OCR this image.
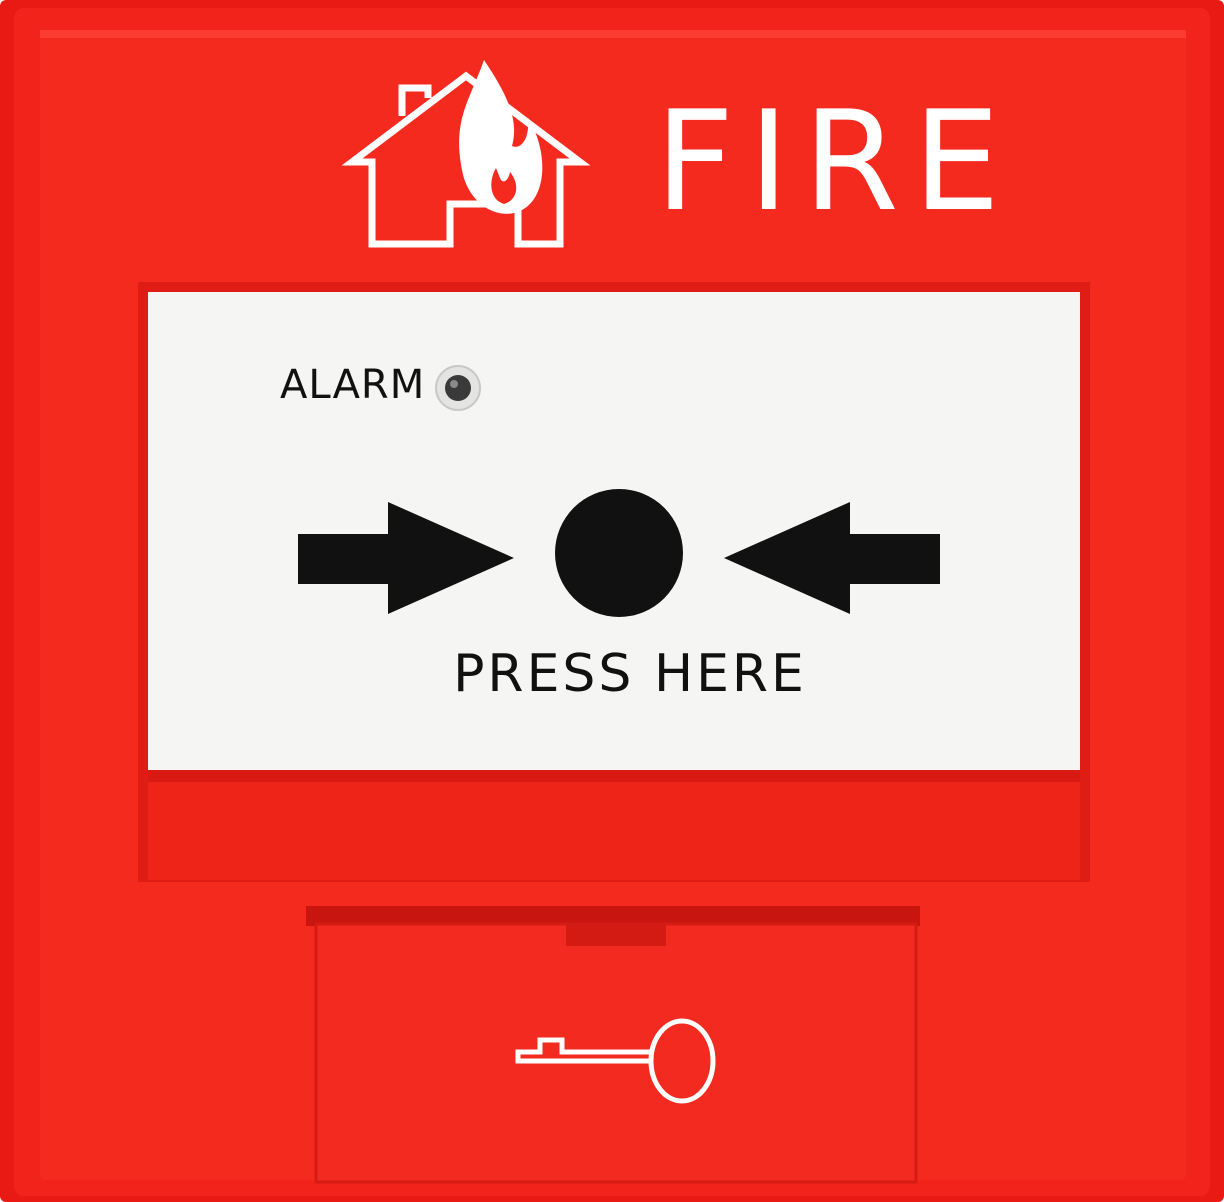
FIRE
ALARM
PRESS HERE
